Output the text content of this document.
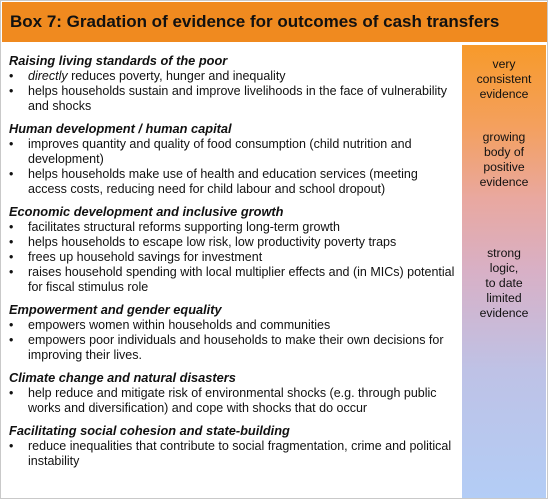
Box 7: Gradation of evidence for outcomes of cash transfers
Raising living standards of the poor
• directly reduces poverty, hunger and inequality
• helps households sustain and improve livelihoods in the face of vulnerability and shocks
Human development / human capital
• improves quantity and quality of food consumption (child nutrition and development)
• helps households make use of health and education services (meeting access costs, reducing need for child labour and school dropout)
Economic development and inclusive growth
• facilitates structural reforms supporting long-term growth
• helps households to escape low risk, low productivity poverty traps
• frees up household savings for investment
• raises household spending with local multiplier effects and (in MICs) potential for fiscal stimulus role
Empowerment and gender equality
• empowers women within households and communities
• empowers poor individuals and households to make their own decisions for improving their lives.
Climate change and natural disasters
• help reduce and mitigate risk of environmental shocks (e.g. through public works and diversification) and cope with shocks that do occur
Facilitating social cohesion and state-building
• reduce inequalities that contribute to social fragmentation, crime and political instability
very
consistent
evidence
growing
body of
positive
evidence
strong
logic,
to date
limited
evidence
